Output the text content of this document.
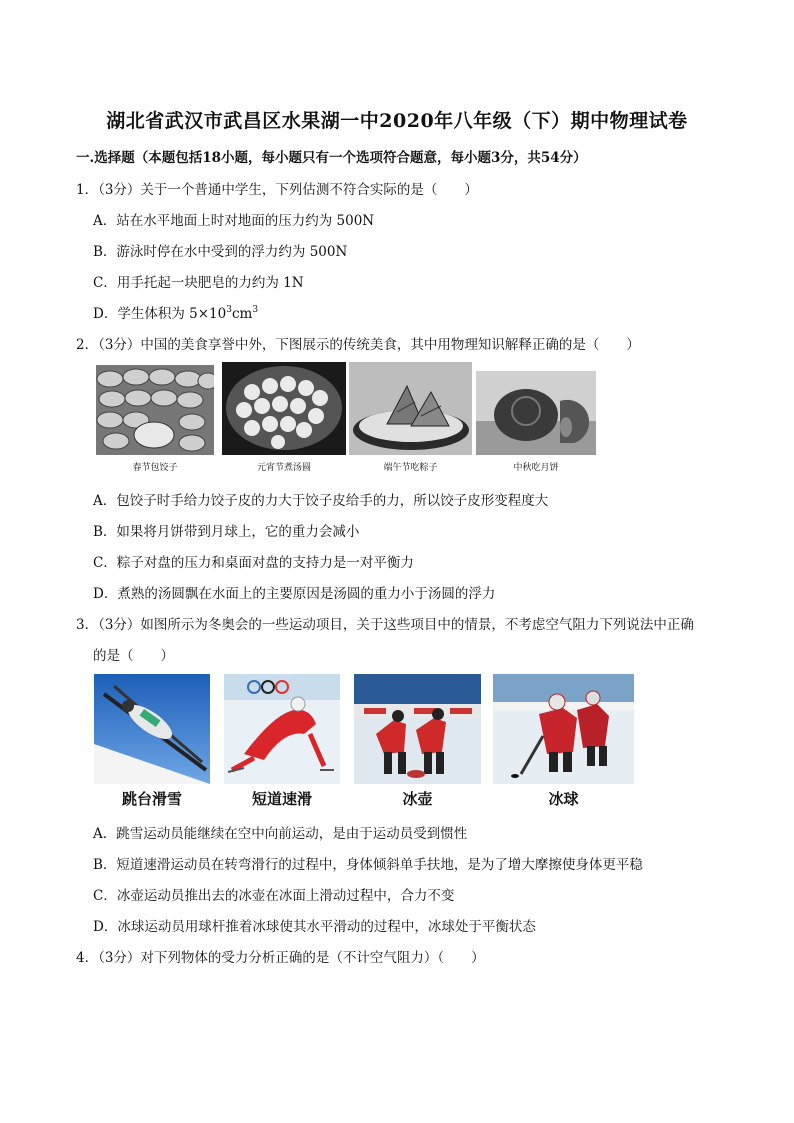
湖北省武汉市武昌区水果湖一中2020年八年级（下）期中物理试卷
一.选择题（本题包括18小题，每小题只有一个选项符合题意，每小题3分，共54分）
1．（3分）关于一个普通中学生，下列估测不符合实际的是（　　）
A．站在水平地面上时对地面的压力约为 500N
B．游泳时停在水中受到的浮力约为 500N
C．用手托起一块肥皂的力约为 1N
D．学生体积为 $5\times 10^3cm^3$
2．（3分）中国的美食享誉中外，下图展示的传统美食，其中用物理知识解释正确的是（　　）
春节包饺子	元宵节煮汤圆	端午节吃粽子	中秋吃月饼
A．包饺子时手给力饺子皮的力大于饺子皮给手的力，所以饺子皮形变程度大
B．如果将月饼带到月球上，它的重力会减小
C．粽子对盘的压力和桌面对盘的支持力是一对平衡力
D．煮熟的汤圆飘在水面上的主要原因是汤圆的重力小于汤圆的浮力
3．（3分）如图所示为冬奥会的一些运动项目，关于这些项目中的情景，不考虑空气阻力下列说法中正确
的是（　　）
跳台滑雪	短道速滑	冰壶	冰球
A．跳雪运动员能继续在空中向前运动，是由于运动员受到惯性
B．短道速滑运动员在转弯滑行的过程中，身体倾斜单手扶地，是为了增大摩擦使身体更平稳
C．冰壶运动员推出去的冰壶在冰面上滑动过程中，合力不变
D．冰球运动员用球杆推着冰球使其水平滑动的过程中，冰球处于平衡状态
4．（3分）对下列物体的受力分析正确的是（不计空气阻力）（　　）
